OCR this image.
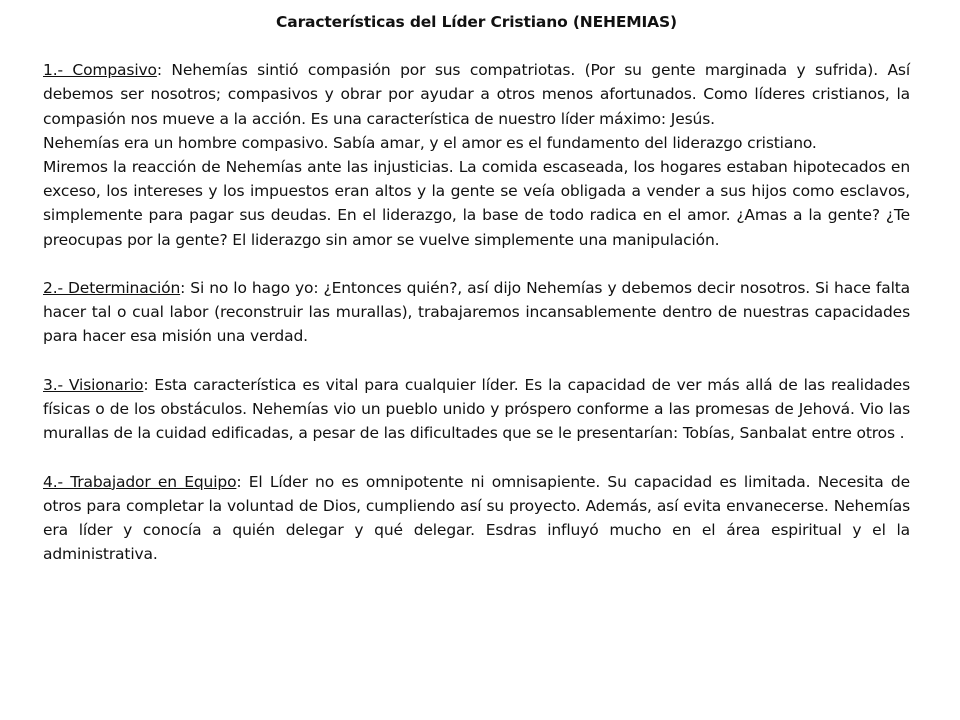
Características del Líder Cristiano (NEHEMIAS)

1.- Compasivo: Nehemías sintió compasión por sus compatriotas. (Por su gente marginada y sufrida). Así debemos ser nosotros; compasivos y obrar por ayudar a otros menos afortunados. Como líderes cristianos, la compasión nos mueve a la acción. Es una característica de nuestro líder máximo: Jesús.

Nehemías era un hombre compasivo. Sabía amar, y el amor es el fundamento del liderazgo cristiano.

Miremos la reacción de Nehemías ante las injusticias. La comida escaseada, los hogares estaban hipotecados en exceso, los intereses y los impuestos eran altos y la gente se veía obligada a vender a sus hijos como esclavos, simplemente para pagar sus deudas. En el liderazgo, la base de todo radica en el amor. ¿Amas a la gente? ¿Te preocupas por la gente? El liderazgo sin amor se vuelve simplemente una manipulación.

2.- Determinación: Si no lo hago yo: ¿Entonces quién?, así dijo Nehemías y debemos decir nosotros. Si hace falta hacer tal o cual labor (reconstruir las murallas), trabajaremos incansablemente dentro de nuestras capacidades para hacer esa misión una verdad.

3.- Visionario: Esta característica es vital para cualquier líder. Es la capacidad de ver más allá de las realidades físicas o de los obstáculos. Nehemías vio un pueblo unido y próspero conforme a las promesas de Jehová. Vio las murallas de la cuidad edificadas, a pesar de las dificultades que se le presentarían: Tobías, Sanbalat entre otros .

4.- Trabajador en Equipo: El Líder no es omnipotente ni omnisapiente. Su capacidad es limitada. Necesita de otros para completar la voluntad de Dios, cumpliendo así su proyecto. Además, así evita envanecerse. Nehemías era líder y conocía a quién delegar y qué delegar. Esdras influyó mucho en el área espiritual y el la administrativa.
